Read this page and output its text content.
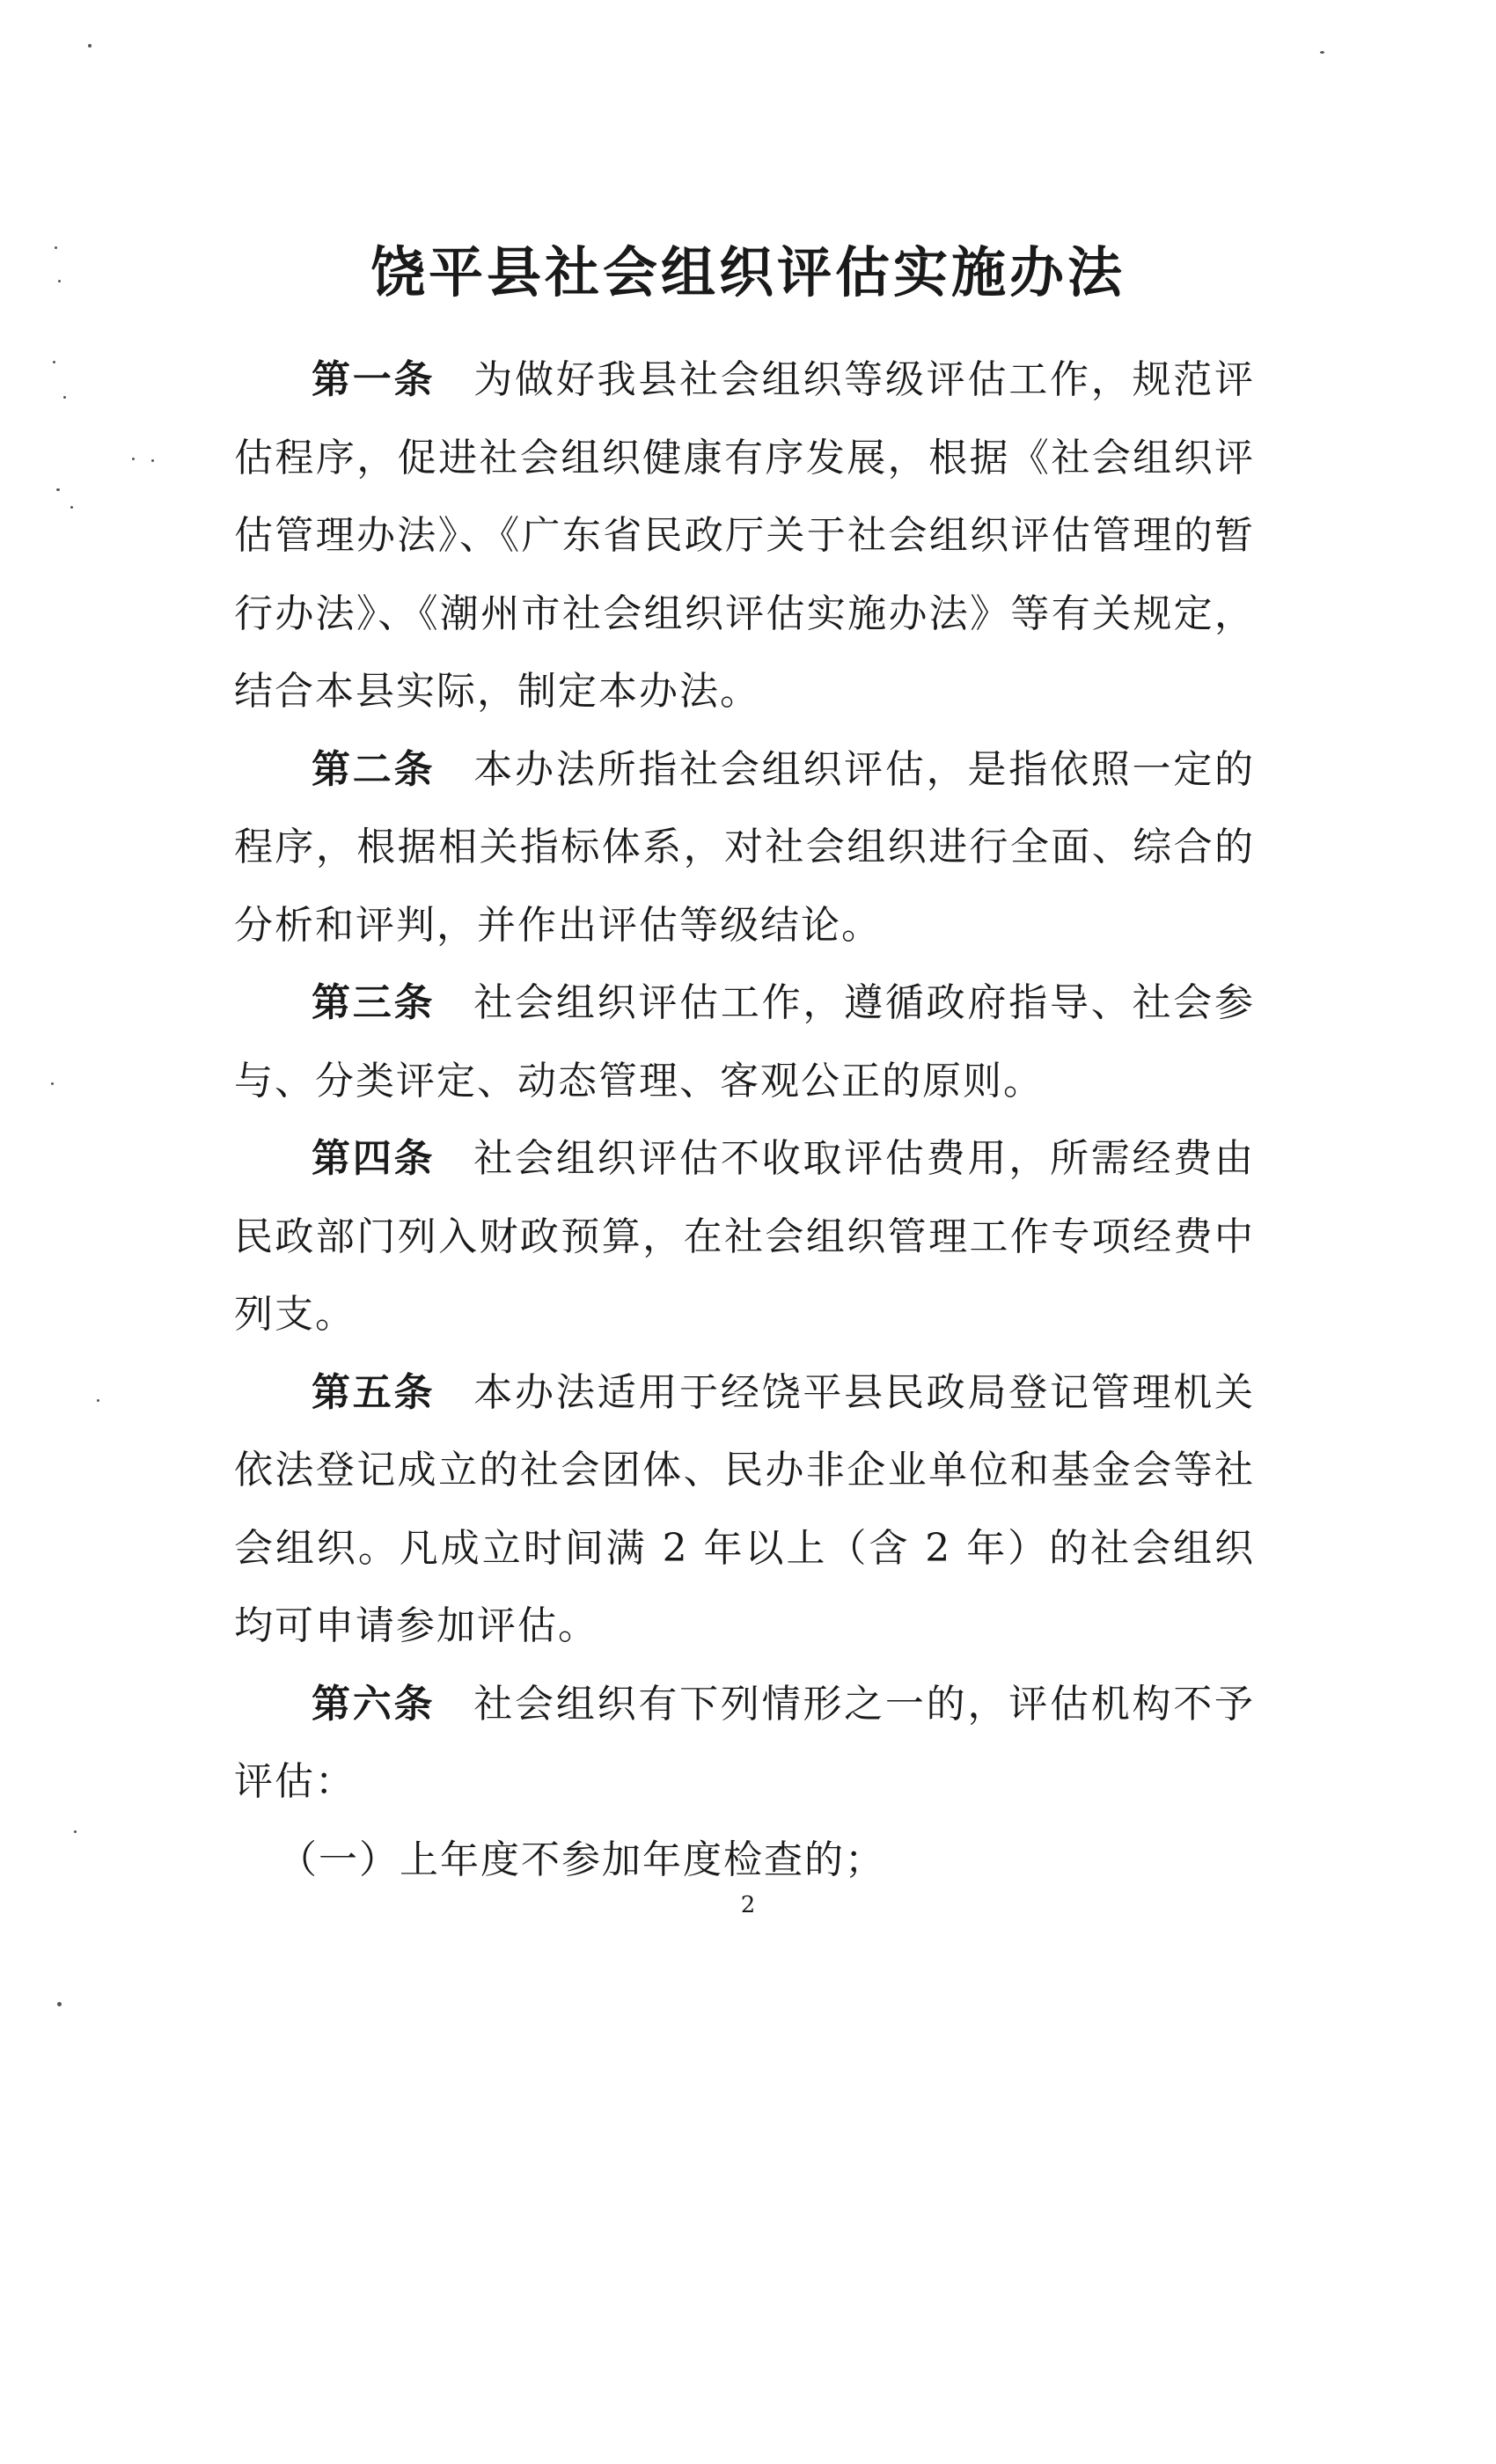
饶平县社会组织评估实施办法

第一条 为做好我县社会组织等级评估工作，规范评估程序，促进社会组织健康有序发展，根据《社会组织评估管理办法》、《广东省民政厅关于社会组织评估管理的暂行办法》、《潮州市社会组织评估实施办法》等有关规定，结合本县实际，制定本办法。

第二条 本办法所指社会组织评估，是指依照一定的程序，根据相关指标体系，对社会组织进行全面、综合的分析和评判，并作出评估等级结论。

第三条 社会组织评估工作，遵循政府指导、社会参与、分类评定、动态管理、客观公正的原则。

第四条 社会组织评估不收取评估费用，所需经费由民政部门列入财政预算，在社会组织管理工作专项经费中列支。

第五条 本办法适用于经饶平县民政局登记管理机关依法登记成立的社会团体、民办非企业单位和基金会等社会组织。凡成立时间满 2 年以上（含 2 年）的社会组织均可申请参加评估。

第六条 社会组织有下列情形之一的，评估机构不予评估：

（一）上年度不参加年度检查的；

2
